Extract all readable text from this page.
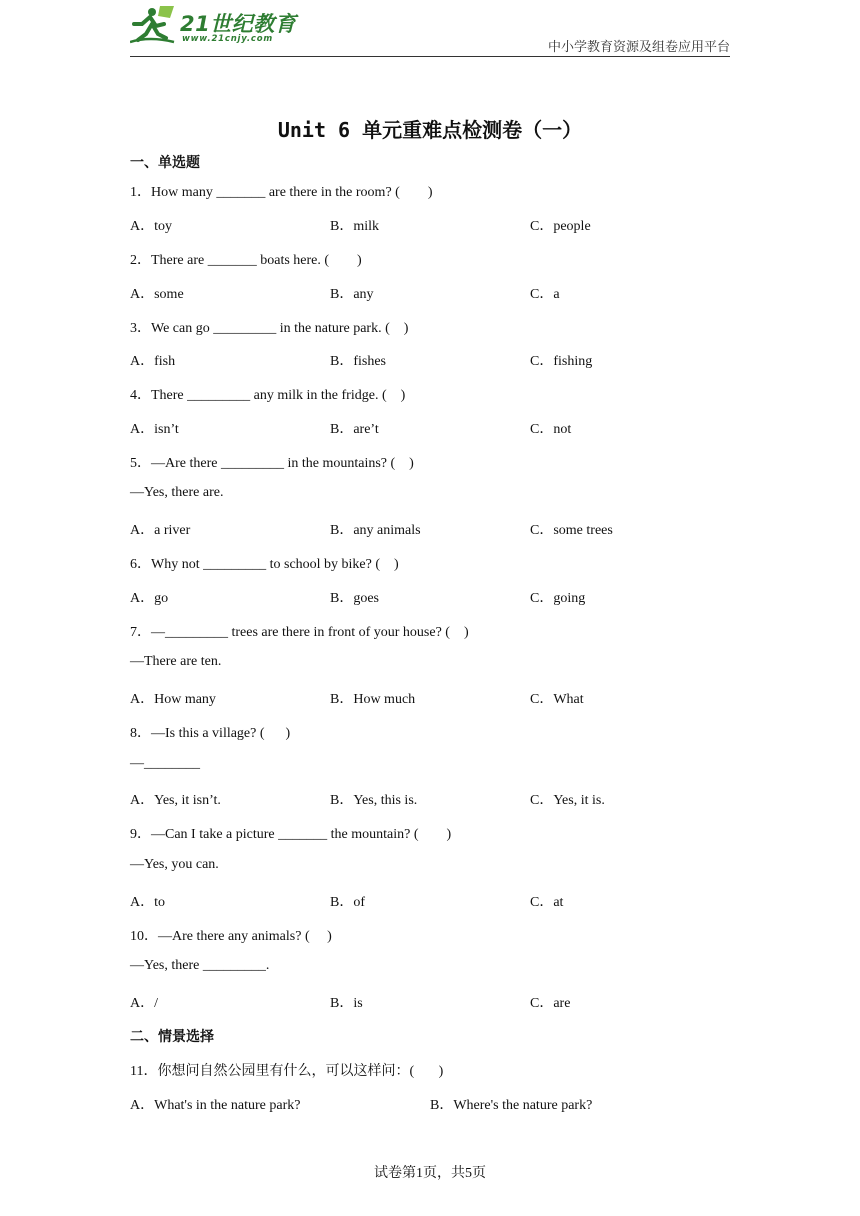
21世纪教育
www.21cnjy.com	中小学教育资源及组卷应用平台
Unit 6 单元重难点检测卷（一）
一、单选题
1．How many _______ are there in the room? (        )
A．toy	B．milk	C．people
2．There are _______ boats here. (        )
A．some	B．any	C．a
3．We can go _________ in the nature park. (    )
A．fish	B．fishes	C．fishing
4．There _________ any milk in the fridge. (    )
A．isn’t	B．are’t	C．not
5．—Are there _________ in the mountains? (    )
—Yes, there are.
A．a river	B．any animals	C．some trees
6．Why not _________ to school by bike? (    )
A．go	B．goes	C．going
7．—_________ trees are there in front of your house? (    )
—There are ten.
A．How many	B．How much	C．What
8．—Is this a village? (      )
—________
A．Yes, it isn’t.	B．Yes, this is.	C．Yes, it is.
9．—Can I take a picture _______ the mountain? (        )
—Yes, you can.
A．to	B．of	C．at
10．—Are there any animals? (     )
—Yes, there _________.
A．/	B．is	C．are
二、情景选择
11．你想问自然公园里有什么，可以这样问：(       )
A．What's in the nature park?	B．Where's the nature park?
试卷第1页，共5页
